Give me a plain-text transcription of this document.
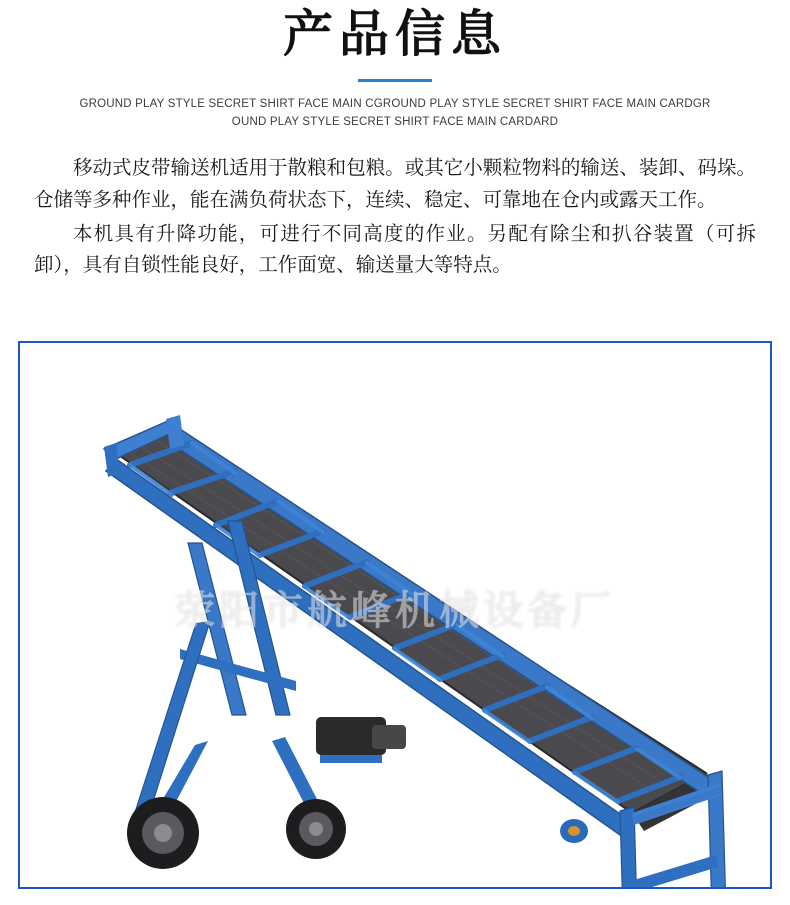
产品信息

GROUND PLAY STYLE SECRET SHIRT FACE MAIN CGROUND PLAY STYLE SECRET SHIRT FACE MAIN CARDGR

OUND PLAY STYLE SECRET SHIRT FACE MAIN CARDARD

移动式皮带输送机适用于散粮和包粮。或其它小颗粒物料的输送、装卸、码垛。仓储等多种作业，能在满负荷状态下，连续、稳定、可靠地在仓内或露天工作。

本机具有升降功能，可进行不同高度的作业。另配有除尘和扒谷装置（可拆卸），具有自锁性能良好，工作面宽、输送量大等特点。

荥阳市航峰机械设备厂
